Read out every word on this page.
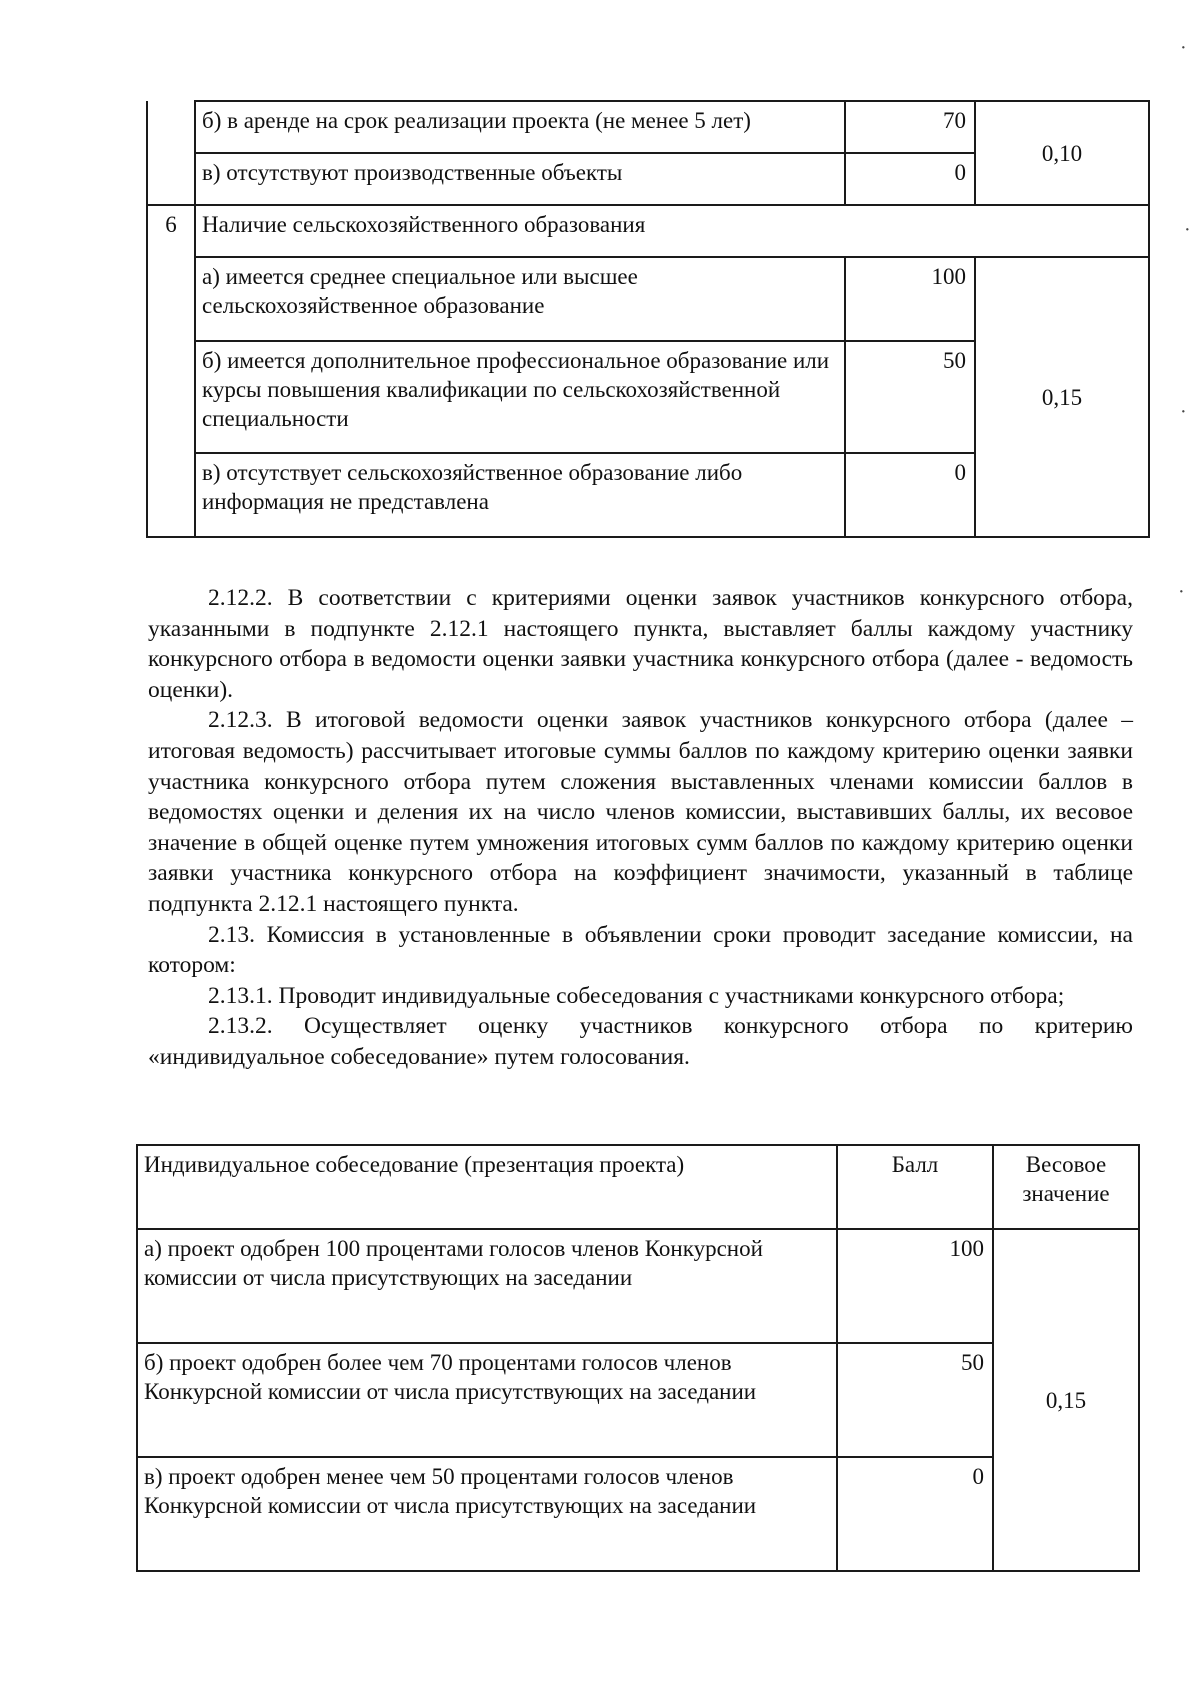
	б) в аренде на срок реализации проекта (не менее 5 лет)	70	0,10
	в) отсутствуют производственные объекты	0	
6	Наличие сельскохозяйственного образования		
	а) имеется среднее специальное или высшее сельскохозяйственное образование	100	0,15
	б) имеется дополнительное профессиональное образование или курсы повышения квалификации по сельскохозяйственной специальности	50	
	в) отсутствует сельскохозяйственное образование либо информация не представлена	0	

2.12.2. В соответствии с критериями оценки заявок участников конкурсного отбора, указанными в подпункте 2.12.1 настоящего пункта, выставляет баллы каждому участнику конкурсного отбора в ведомости оценки заявки участника конкурсного отбора (далее - ведомость оценки).

2.12.3. В итоговой ведомости оценки заявок участников конкурсного отбора (далее – итоговая ведомость) рассчитывает итоговые суммы баллов по каждому критерию оценки заявки участника конкурсного отбора путем сложения выставленных членами комиссии баллов в ведомостях оценки и деления их на число членов комиссии, выставивших баллы, их весовое значение в общей оценке путем умножения итоговых сумм баллов по каждому критерию оценки заявки участника конкурсного отбора на коэффициент значимости, указанный в таблице подпункта 2.12.1 настоящего пункта.

2.13. Комиссия в установленные в объявлении сроки проводит заседание комиссии, на котором:

2.13.1. Проводит индивидуальные собеседования с участниками конкурсного отбора;

2.13.2. Осуществляет оценку участников конкурсного отбора по критерию «индивидуальное собеседование» путем голосования.

Индивидуальное собеседование (презентация проекта)	Балл	Весовое значение
а) проект одобрен 100 процентами голосов членов Конкурсной комиссии от числа присутствующих на заседании	100	0,15
б) проект одобрен более чем 70 процентами голосов членов Конкурсной комиссии от числа присутствующих на заседании	50	
в) проект одобрен менее чем 50 процентами голосов членов Конкурсной комиссии от числа присутствующих на заседании	0	
·
·
·
·
